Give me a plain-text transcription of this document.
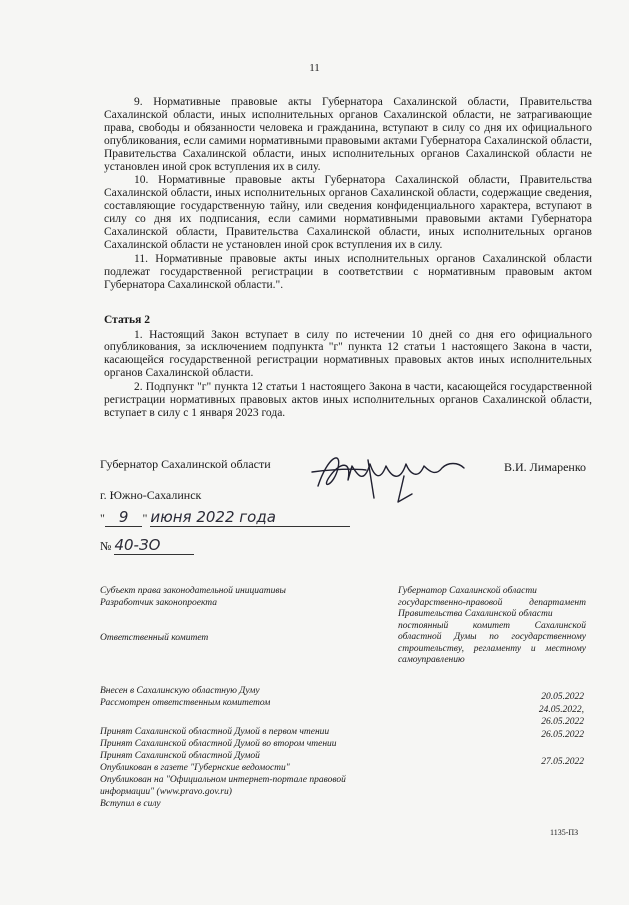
11

9. Нормативные правовые акты Губернатора Сахалинской области, Правительства Сахалинской области, иных исполнительных органов Сахалинской области, не затрагивающие права, свободы и обязанности человека и гражданина, вступают в силу со дня их официального опубликования, если самими нормативными правовыми актами Губернатора Сахалинской области, Правительства Сахалинской области, иных исполнительных органов Сахалинской области не установлен иной срок вступления их в силу.

10. Нормативные правовые акты Губернатора Сахалинской области, Правительства Сахалинской области, иных исполнительных органов Сахалинской области, содержащие сведения, составляющие государственную тайну, или сведения конфиденциального характера, вступают в силу со дня их подписания, если самими нормативными правовыми актами Губернатора Сахалинской области, Правительства Сахалинской области, иных исполнительных органов Сахалинской области не установлен иной срок вступления их в силу.

11. Нормативные правовые акты иных исполнительных органов Сахалинской области подлежат государственной регистрации в соответствии с нормативным правовым актом Губернатора Сахалинской области.".

Статья 2

1. Настоящий Закон вступает в силу по истечении 10 дней со дня его официального опубликования, за исключением подпункта "г" пункта 12 статьи 1 настоящего Закона в части, касающейся государственной регистрации нормативных правовых актов иных исполнительных органов Сахалинской области.

2. Подпункт "г" пункта 12 статьи 1 настоящего Закона в части, касающейся государственной регистрации нормативных правовых актов иных исполнительных органов Сахалинской области, вступает в силу с 1 января 2023 года.

Губернатор Сахалинской области	В.И. Лимаренко
г. Южно-Сахалинск
" 9 " июня 2022 года
№ 40-ЗО
Субъект права законодательной инициативы
Разработчик законопроекта
Ответственный комитет
Внесен в Сахалинскую областную Думу
Рассмотрен ответственным комитетом
Принят Сахалинской областной Думой в первом чтении
Принят Сахалинской областной Думой во втором чтении
Принят Сахалинской областной Думой
Опубликован в газете "Губернские ведомости"
Опубликован на "Официальном интернет-портале правовой информации" (www.pravo.gov.ru)
Вступил в силу
Губернатор Сахалинской области
государственно-правовой департамент Правительства Сахалинской области
постоянный комитет Сахалинской областной Думы по государственному строительству, регламенту и местному самоуправлению
20.05.2022
24.05.2022,
26.05.2022
26.05.2022
27.05.2022
1135-ПЗ
